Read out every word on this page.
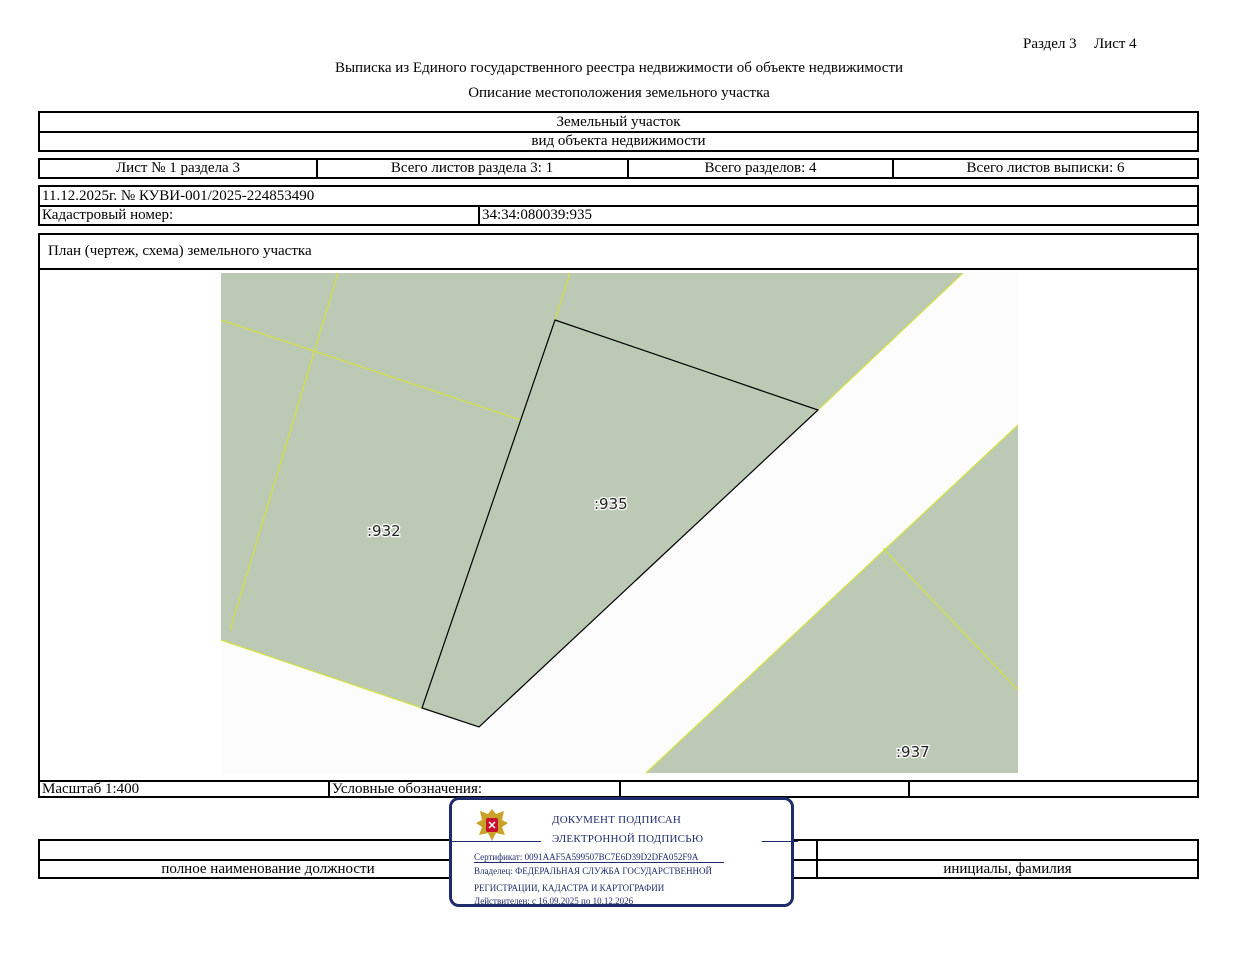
Раздел 3 Лист 4
Выписка из Единого государственного реестра недвижимости об объекте недвижимости
Описание местоположения земельного участка
Земельный участок
вид объекта недвижимости
Лист № 1 раздела 3	Всего листов раздела 3: 1	Всего разделов: 4	Всего листов выписки: 6
11.12.2025г. № КУВИ-001/2025-224853490
Кадастровый номер:	34:34:080039:935
План (чертеж, схема) земельного участка
Масштаб 1:400	Условные обозначения:
:932
:935
:937
полное наименование должности	инициалы, фамилия
ДОКУМЕНТ ПОДПИСАН
ЭЛЕКТРОННОЙ ПОДПИСЬЮ
Сертификат: 0091AAF5A599507BC7E6D39D2DFA052F9A
Владелец: ФЕДЕРАЛЬНАЯ СЛУЖБА ГОСУДАРСТВЕННОЙ
РЕГИСТРАЦИИ, КАДАСТРА И КАРТОГРАФИИ
Действителен: с 16.09.2025 по 10.12.2026
